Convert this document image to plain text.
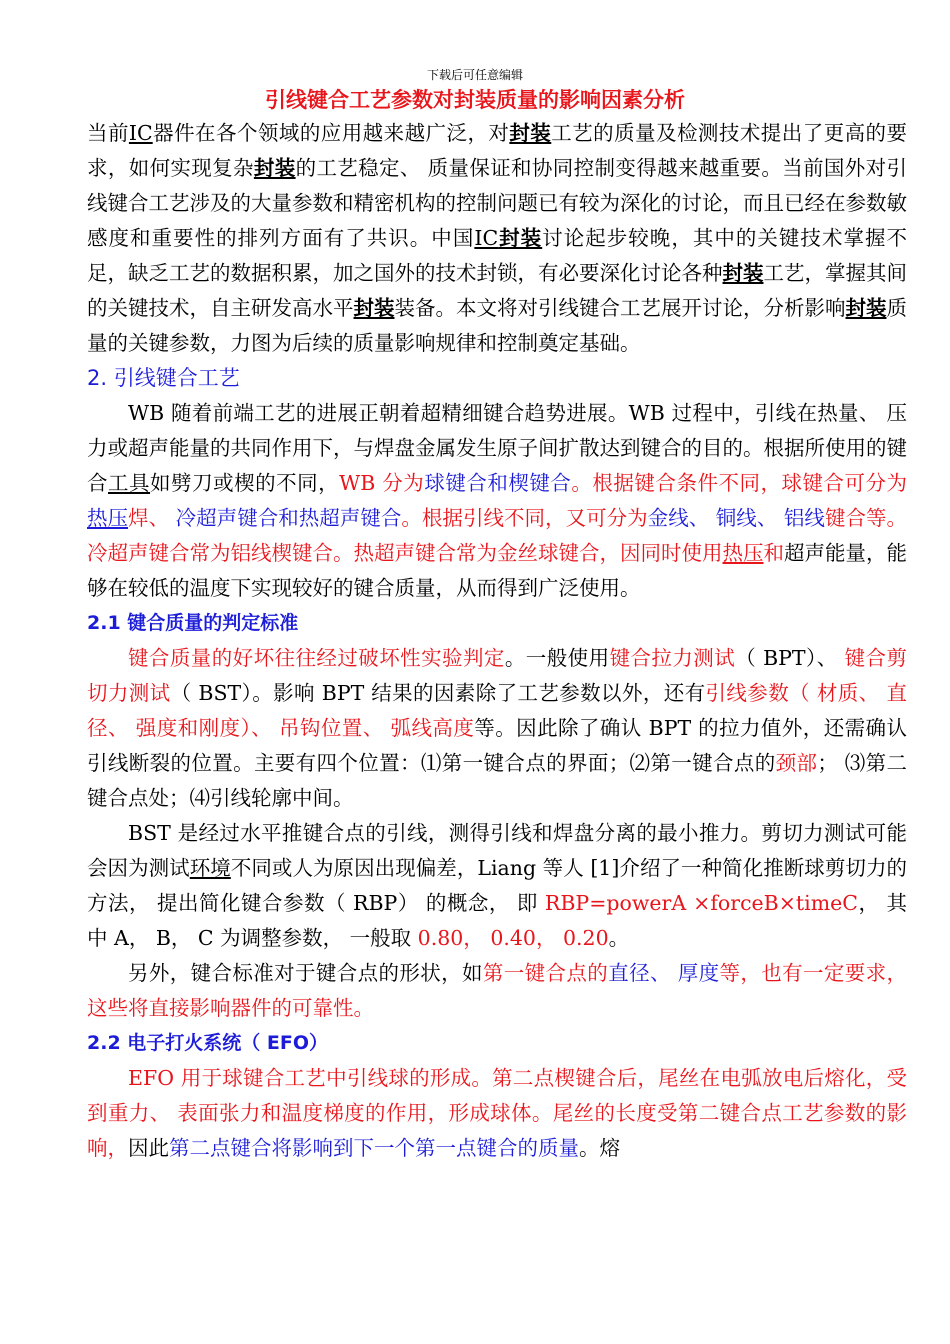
下载后可任意编辑
引线键合工艺参数对封装质量的影响因素分析

当前IC器件在各个领域的应用越来越广泛，对封装工艺的质量及检测技术提出了更高的要求，如何实现复杂封装的工艺稳定、 质量保证和协同控制变得越来越重要。当前国外对引线键合工艺涉及的大量参数和精密机构的控制问题已有较为深化的讨论，而且已经在参数敏感度和重要性的排列方面有了共识。中国IC封装讨论起步较晚，其中的关键技术掌握不足，缺乏工艺的数据积累，加之国外的技术封锁，有必要深化讨论各种封装工艺，掌握其间的关键技术，自主研发高水平封装装备。本文将对引线键合工艺展开讨论，分析影响封装质量的关键参数，力图为后续的质量影响规律和控制奠定基础。

2. 引线键合工艺

WB 随着前端工艺的进展正朝着超精细键合趋势进展。WB 过程中，引线在热量、 压力或超声能量的共同作用下，与焊盘金属发生原子间扩散达到键合的目的。根据所使用的键合工具如劈刀或楔的不同，WB 分为球键合和楔键合。根据键合条件不同，球键合可分为热压焊、 冷超声键合和热超声键合。根据引线不同，又可分为金线、 铜线、 铝线键合等。冷超声键合常为铝线楔键合。热超声键合常为金丝球键合，因同时使用热压和超声能量，能够在较低的温度下实现较好的键合质量，从而得到广泛使用。

2.1 键合质量的判定标准

键合质量的好坏往往经过破坏性实验判定。一般使用键合拉力测试（ BPT）、 键合剪切力测试（ BST）。影响 BPT 结果的因素除了工艺参数以外，还有引线参数（ 材质、 直径、 强度和刚度）、 吊钩位置、 弧线高度等。因此除了确认 BPT 的拉力值外，还需确认引线断裂的位置。主要有四个位置：⑴第一键合点的界面；⑵第一键合点的颈部； ⑶第二键合点处；⑷引线轮廓中间。

BST 是经过水平推键合点的引线，测得引线和焊盘分离的最小推力。剪切力测试可能会因为测试环境不同或人为原因出现偏差，Liang 等人 [1]介绍了一种简化推断球剪切力的方法， 提出简化键合参数（ RBP） 的概念， 即 RBP=powerA ×forceB×timeC， 其中 A， B， C 为调整参数， 一般取 0.80， 0.40， 0.20。

另外，键合标准对于键合点的形状，如第一键合点的直径、 厚度等，也有一定要求，这些将直接影响器件的可靠性。

2.2 电子打火系统（ EFO）

EFO 用于球键合工艺中引线球的形成。第二点楔键合后，尾丝在电弧放电后熔化，受到重力、 表面张力和温度梯度的作用，形成球体。尾丝的长度受第二键合点工艺参数的影响，因此第二点键合将影响到下一个第一点键合的质量。熔
